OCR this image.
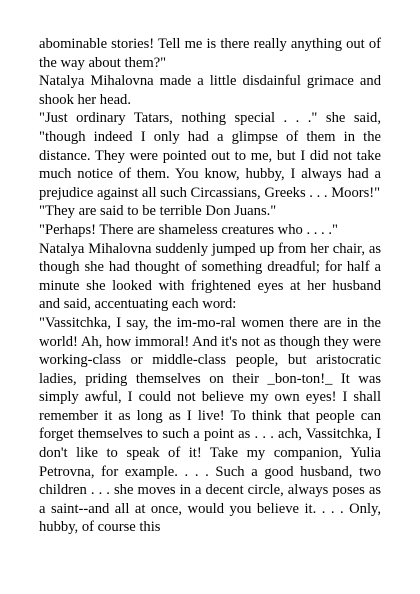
abominable stories! Tell me is there really anything out of the way about them?"

Natalya Mihalovna made a little disdainful grimace and shook her head.

"Just ordinary Tatars, nothing special . . ." she said, "though indeed I only had a glimpse of them in the distance. They were pointed out to me, but I did not take much notice of them. You know, hubby, I always had a prejudice against all such Circassians, Greeks . . . Moors!"

"They are said to be terrible Don Juans."

"Perhaps! There are shameless creatures who . . . ."

Natalya Mihalovna suddenly jumped up from her chair, as though she had thought of something dreadful; for half a minute she looked with frightened eyes at her husband and said, accentuating each word:

"Vassitchka, I say, the im-mo-ral women there are in the world! Ah, how immoral! And it's not as though they were working-class or middle-class people, but aristocratic ladies, priding themselves on their _bon-ton!_ It was simply awful, I could not believe my own eyes! I shall remember it as long as I live! To think that people can forget themselves to such a point as . . . ach, Vassitchka, I don't like to speak of it! Take my companion, Yulia Petrovna, for example. . . . Such a good husband, two children . . . she moves in a decent circle, always poses as a saint--and all at once, would you believe it. . . . Only, hubby, of course this
